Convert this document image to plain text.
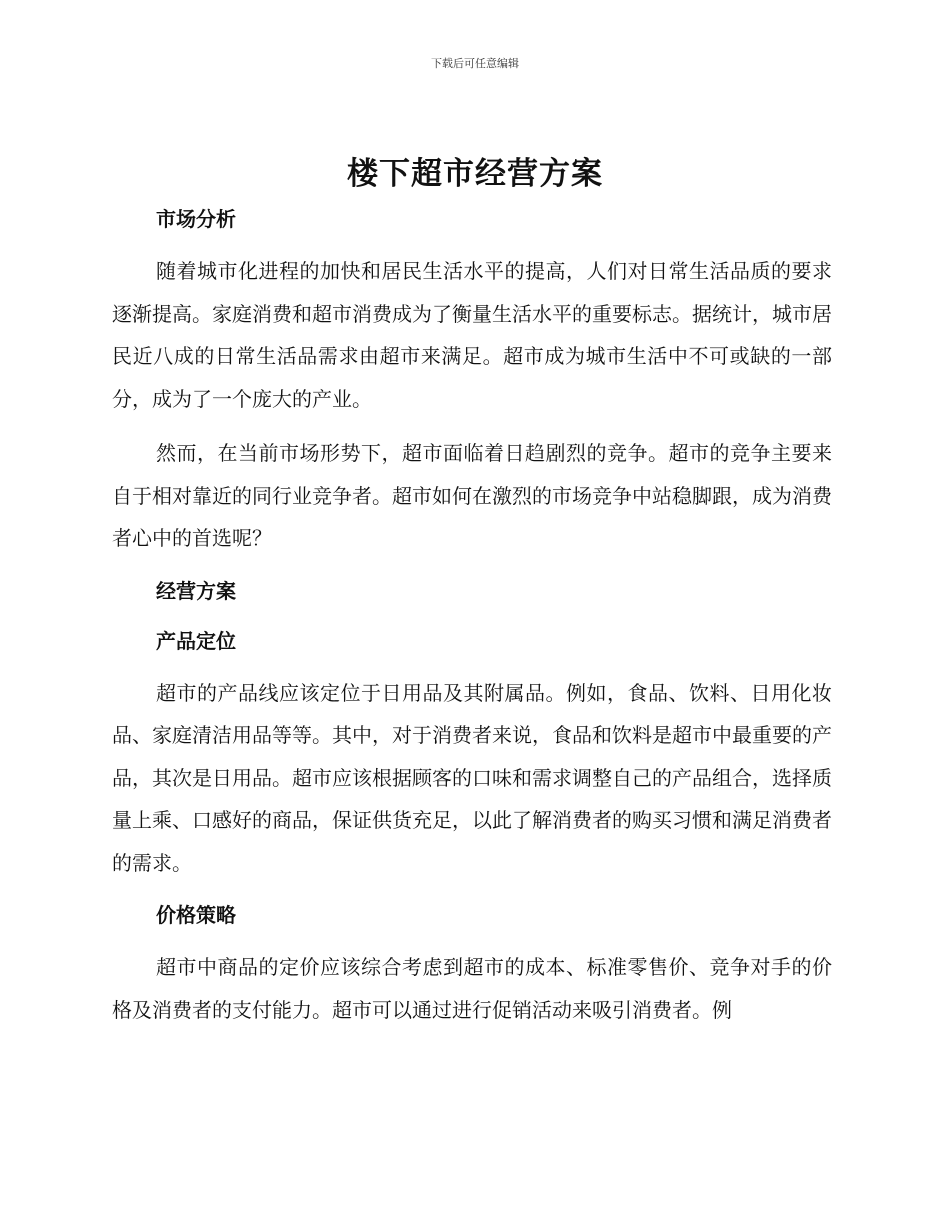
下载后可任意编辑
楼下超市经营方案
市场分析

随着城市化进程的加快和居民生活水平的提高，人们对日常生活品质的要求逐渐提高。家庭消费和超市消费成为了衡量生活水平的重要标志。据统计，城市居民近八成的日常生活品需求由超市来满足。超市成为城市生活中不可或缺的一部分，成为了一个庞大的产业。

然而，在当前市场形势下，超市面临着日趋剧烈的竞争。超市的竞争主要来自于相对靠近的同行业竞争者。超市如何在激烈的市场竞争中站稳脚跟，成为消费者心中的首选呢？

经营方案
产品定位

超市的产品线应该定位于日用品及其附属品。例如，食品、饮料、日用化妆品、家庭清洁用品等等。其中，对于消费者来说，食品和饮料是超市中最重要的产品，其次是日用品。超市应该根据顾客的口味和需求调整自己的产品组合，选择质量上乘、口感好的商品，保证供货充足，以此了解消费者的购买习惯和满足消费者的需求。

价格策略

超市中商品的定价应该综合考虑到超市的成本、标准零售价、竞争对手的价格及消费者的支付能力。超市可以通过进行促销活动来吸引消费者。例
